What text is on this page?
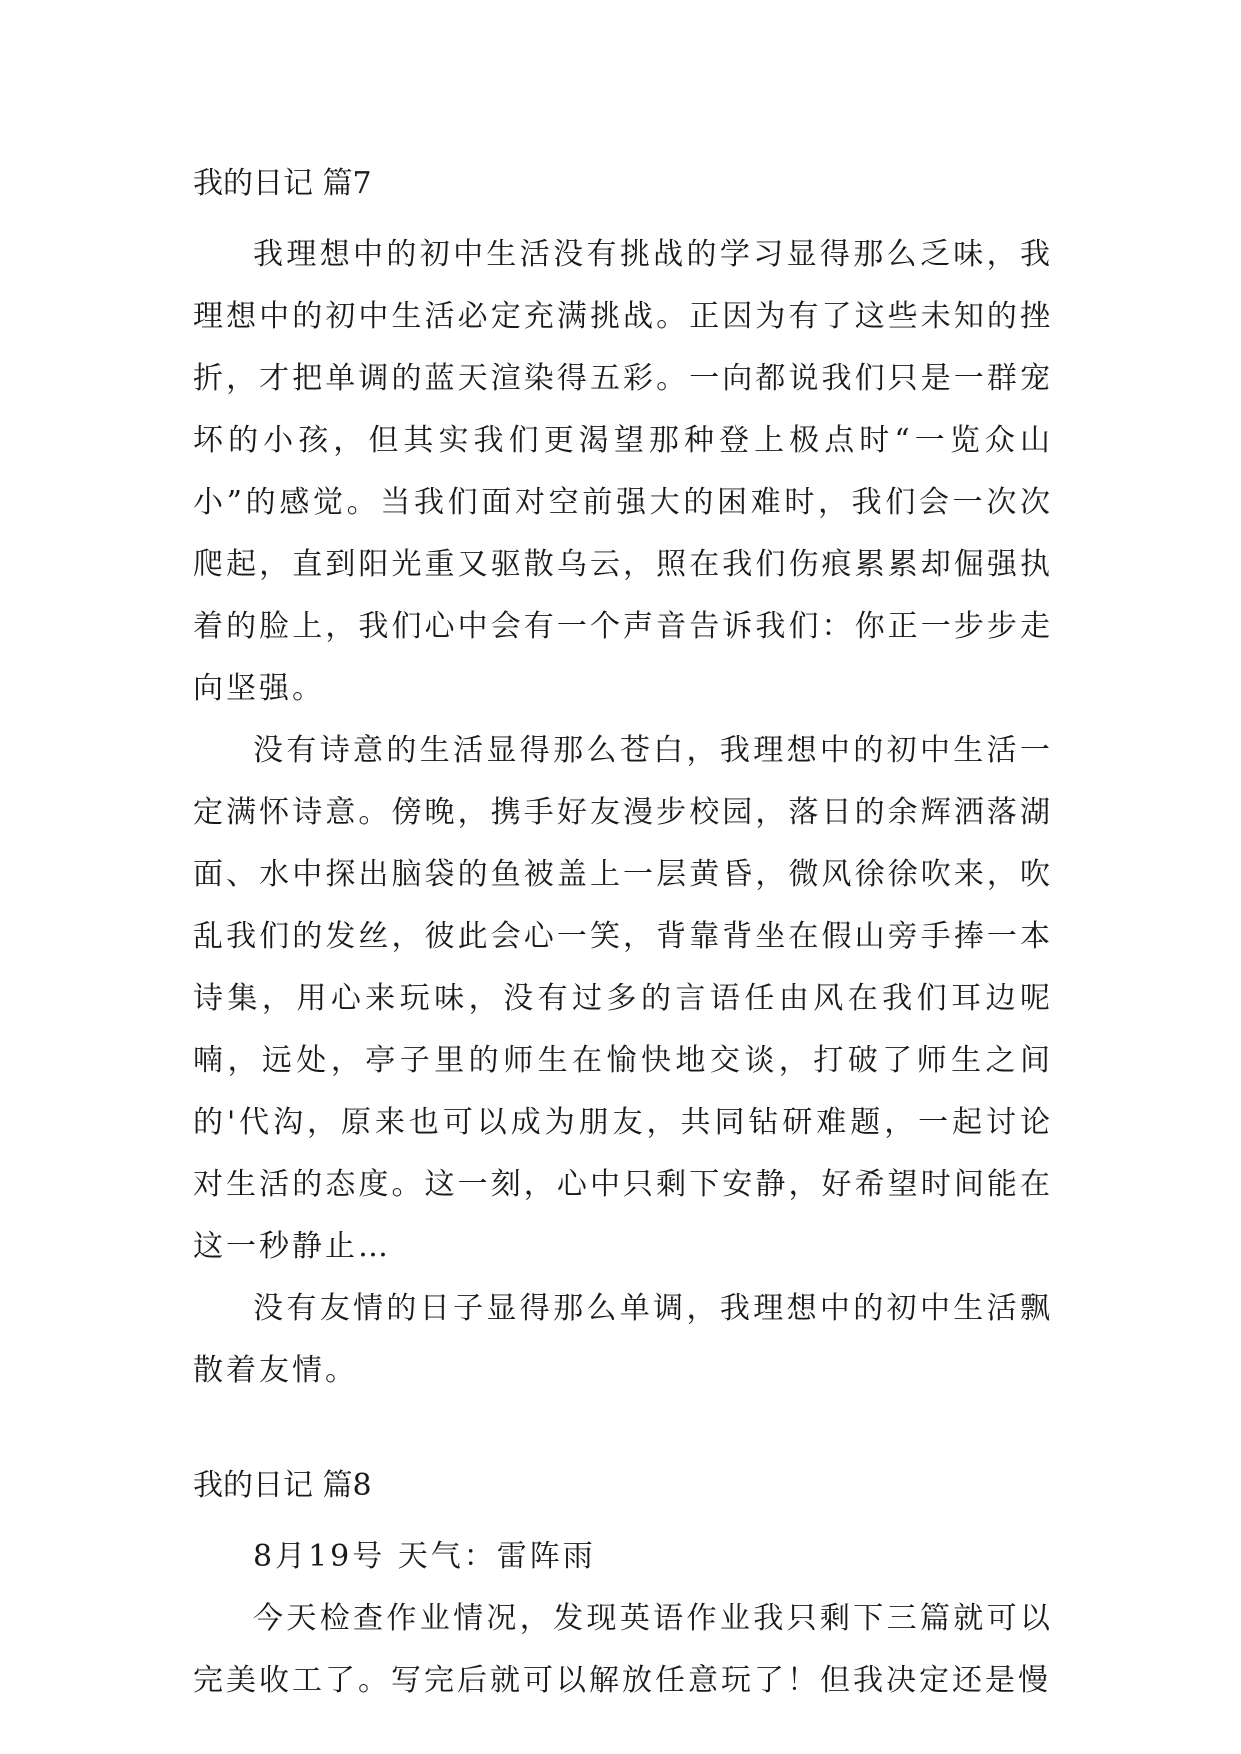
我的日记 篇7

我理想中的初中生活没有挑战的学习显得那么乏味，我理想中的初中生活必定充满挑战。正因为有了这些未知的挫折，才把单调的蓝天渲染得五彩。一向都说我们只是一群宠坏的小孩，但其实我们更渴望那种登上极点时“一览众山小”的感觉。当我们面对空前强大的困难时，我们会一次次爬起，直到阳光重又驱散乌云，照在我们伤痕累累却倔强执着的脸上，我们心中会有一个声音告诉我们：你正一步步走向坚强。

没有诗意的生活显得那么苍白，我理想中的初中生活一定满怀诗意。傍晚，携手好友漫步校园，落日的余辉洒落湖面、水中探出脑袋的鱼被盖上一层黄昏，微风徐徐吹来，吹乱我们的发丝，彼此会心一笑，背靠背坐在假山旁手捧一本诗集，用心来玩味，没有过多的言语任由风在我们耳边呢喃，远处，亭子里的师生在愉快地交谈，打破了师生之间的'代沟，原来也可以成为朋友，共同钻研难题，一起讨论对生活的态度。这一刻，心中只剩下安静，好希望时间能在这一秒静止…

没有友情的日子显得那么单调，我理想中的初中生活飘散着友情。

我的日记 篇8

8月19号 天气：雷阵雨

今天检查作业情况，发现英语作业我只剩下三篇就可以完美收工了。写完后就可以解放任意玩了！但我决定还是慢
